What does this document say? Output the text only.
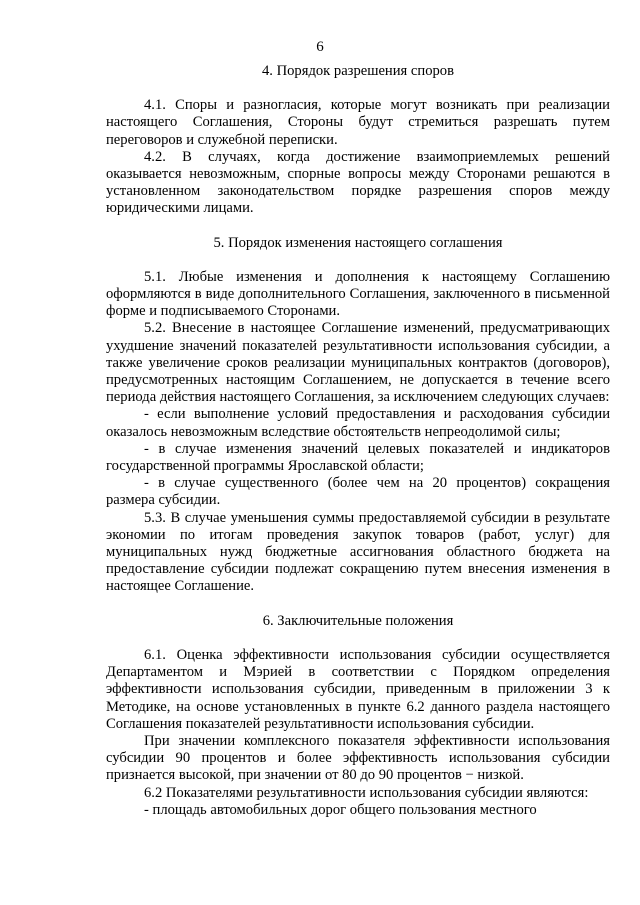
6

4. Порядок разрешения споров

4.1. Споры и разногласия, которые могут возникать при реализации настоящего Соглашения, Стороны будут стремиться разрешать путем переговоров и служебной переписки.

4.2. В случаях, когда достижение взаимоприемлемых решений оказывается невозможным, спорные вопросы между Сторонами решаются в установленном законодательством порядке разрешения споров между юридическими лицами.

5. Порядок изменения настоящего соглашения

5.1. Любые изменения и дополнения к настоящему Соглашению оформляются в виде дополнительного Соглашения, заключенного в письменной форме и подписываемого Сторонами.

5.2. Внесение в настоящее Соглашение изменений, предусматривающих ухудшение значений показателей результативности использования субсидии, а также увеличение сроков реализации муниципальных контрактов (договоров), предусмотренных настоящим Соглашением, не допускается в течение всего периода действия настоящего Соглашения, за исключением следующих случаев:

- если выполнение условий предоставления и расходования субсидии оказалось невозможным вследствие обстоятельств непреодолимой силы;

- в случае изменения значений целевых показателей и индикаторов государственной программы Ярославской области;

- в случае существенного (более чем на 20 процентов) сокращения размера субсидии.

5.3. В случае уменьшения суммы предоставляемой субсидии в результате экономии по итогам проведения закупок товаров (работ, услуг) для муниципальных нужд бюджетные ассигнования областного бюджета на предоставление субсидии подлежат сокращению путем внесения изменения в настоящее Соглашение.

6. Заключительные положения

6.1. Оценка эффективности использования субсидии осуществляется Департаментом и Мэрией в соответствии с Порядком определения эффективности использования субсидии, приведенным в приложении 3 к Методике, на основе установленных в пункте 6.2 данного раздела настоящего Соглашения показателей результативности использования субсидии.

При значении комплексного показателя эффективности использования субсидии 90 процентов и более эффективность использования субсидии признается высокой, при значении от 80 до 90 процентов − низкой.

6.2 Показателями результативности использования субсидии являются:

- площадь автомобильных дорог общего пользования местного
